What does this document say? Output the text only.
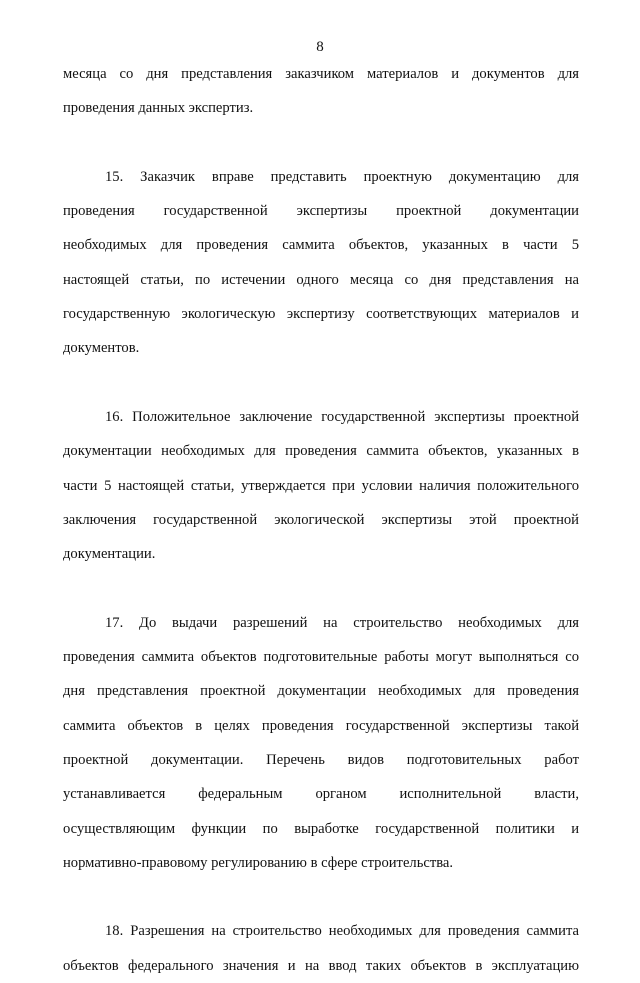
8

месяца со дня представления заказчиком материалов и документов для

проведения данных экспертиз.

15. Заказчик вправе представить проектную документацию для

проведения государственной экспертизы проектной документации

необходимых для проведения саммита объектов, указанных в части 5

настоящей статьи, по истечении одного месяца со дня представления на

государственную экологическую экспертизу соответствующих материалов и

документов.

16. Положительное заключение государственной экспертизы проектной

документации необходимых для проведения саммита объектов, указанных в

части 5 настоящей статьи, утверждается при условии наличия положительного

заключения государственной экологической экспертизы этой проектной

документации.

17. До выдачи разрешений на строительство необходимых для

проведения саммита объектов подготовительные работы могут выполняться со

дня представления проектной документации необходимых для проведения

саммита объектов в целях проведения государственной экспертизы такой

проектной документации. Перечень видов подготовительных работ

устанавливается федеральным органом исполнительной власти,

осуществляющим функции по выработке государственной политики и

нормативно-правовому регулированию в сфере строительства.

18. Разрешения на строительство необходимых для проведения саммита

объектов федерального значения и на ввод таких объектов в эксплуатацию
